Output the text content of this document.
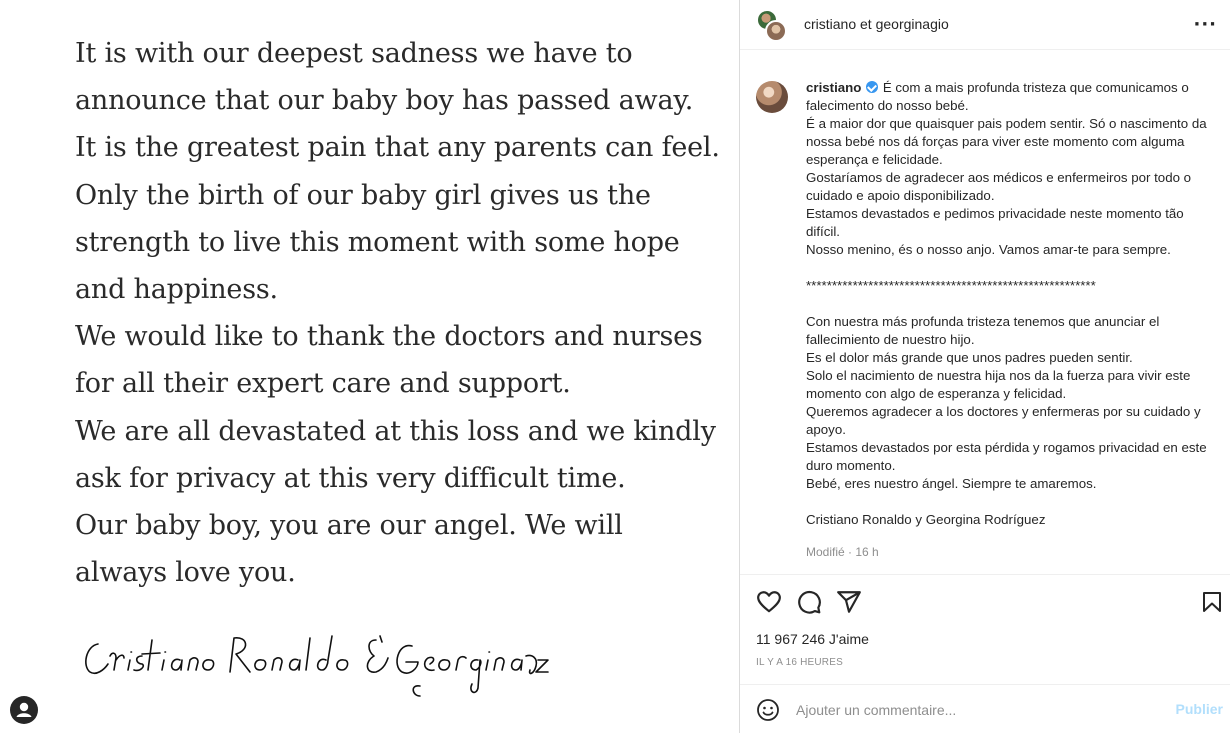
It is with our deepest sadness we have to
announce that our baby boy has passed away.
It is the greatest pain that any parents can feel.
Only the birth of our baby girl gives us the
strength to live this moment with some hope
and happiness.
We would like to thank the doctors and nurses
for all their expert care and support.
We are all devastated at this loss and we kindly
ask for privacy at this very difficult time.
Our baby boy, you are our angel. We will
always love you.
Cristiano Ronaldo & Georgina Rodriguez
cristiano et georginagio	···
cristiano É com a mais profunda tristeza que comunicamos o
falecimento do nosso bebé.
É a maior dor que quaisquer pais podem sentir. Só o nascimento da
nossa bebé nos dá forças para viver este momento com alguma
esperança e felicidade.
Gostaríamos de agradecer aos médicos e enfermeiros por todo o
cuidado e apoio disponibilizado.
Estamos devastados e pedimos privacidade neste momento tão
difícil.
Nosso menino, és o nosso anjo. Vamos amar-te para sempre.
********************************************************
Con nuestra más profunda tristeza tenemos que anunciar el
fallecimiento de nuestro hijo.
Es el dolor más grande que unos padres pueden sentir.
Solo el nacimiento de nuestra hija nos da la fuerza para vivir este
momento con algo de esperanza y felicidad.
Queremos agradecer a los doctores y enfermeras por su cuidado y
apoyo.
Estamos devastados por esta pérdida y rogamos privacidad en este
duro momento.
Bebé, eres nuestro ángel. Siempre te amaremos.
Cristiano Ronaldo y Georgina Rodríguez
Modifié · 16 h
11 967 246 J'aime
IL Y A 16 HEURES
Ajouter un commentaire...
Publier
